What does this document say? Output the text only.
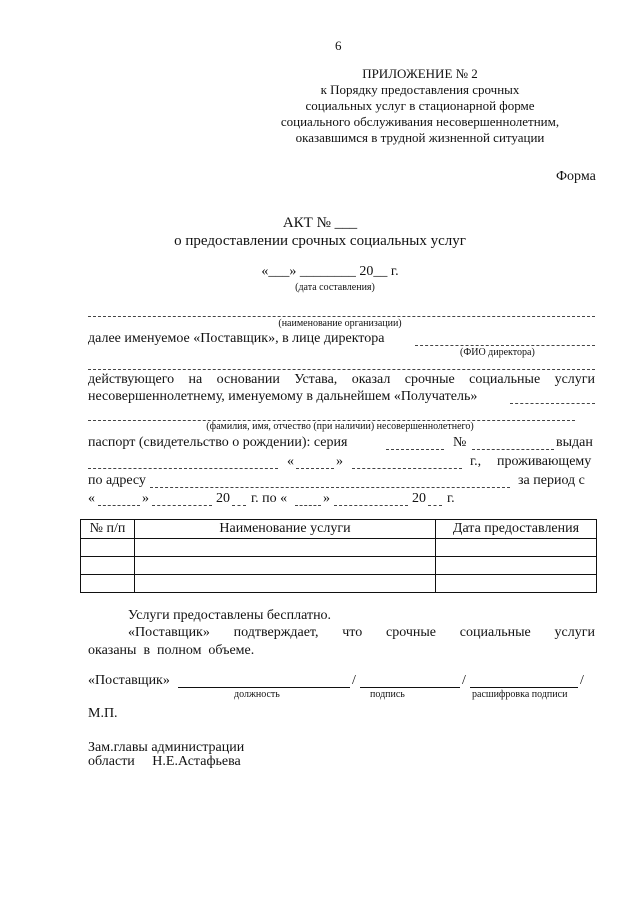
6
ПРИЛОЖЕНИЕ № 2
к Порядку предоставления срочных
социальных услуг в стационарной форме
социального обслуживания несовершеннолетним,
оказавшимся в трудной жизненной ситуации
Форма
АКТ № ___
о предоставлении срочных социальных услуг
«___» ________ 20__ г.
(дата составления)
(наименование организации)
далее именуемое «Поставщик», в лице директора
(ФИО директора)
действующего на основании Устава, оказал срочные социальные услуги
несовершеннолетнему, именуемому в дальнейшем «Получатель»
(фамилия, имя, отчество (при наличии) несовершеннолетнего)
паспорт (свидетельство о рождении): серия	№	выдан
«	»	г., проживающему
по адресу	за период с
«	»	20 г. по «	»	20 г.
№ п/п	Наименование услуги	Дата предоставления

Услуги предоставлены бесплатно.
«Поставщик» подтверждает, что срочные социальные услуги
оказаны  в  полном  объеме.
«Поставщик»	/	/	/
должность	подпись	расшифровка подписи
М.П.
Зам.главы администрации
области     Н.Е.Астафьева
